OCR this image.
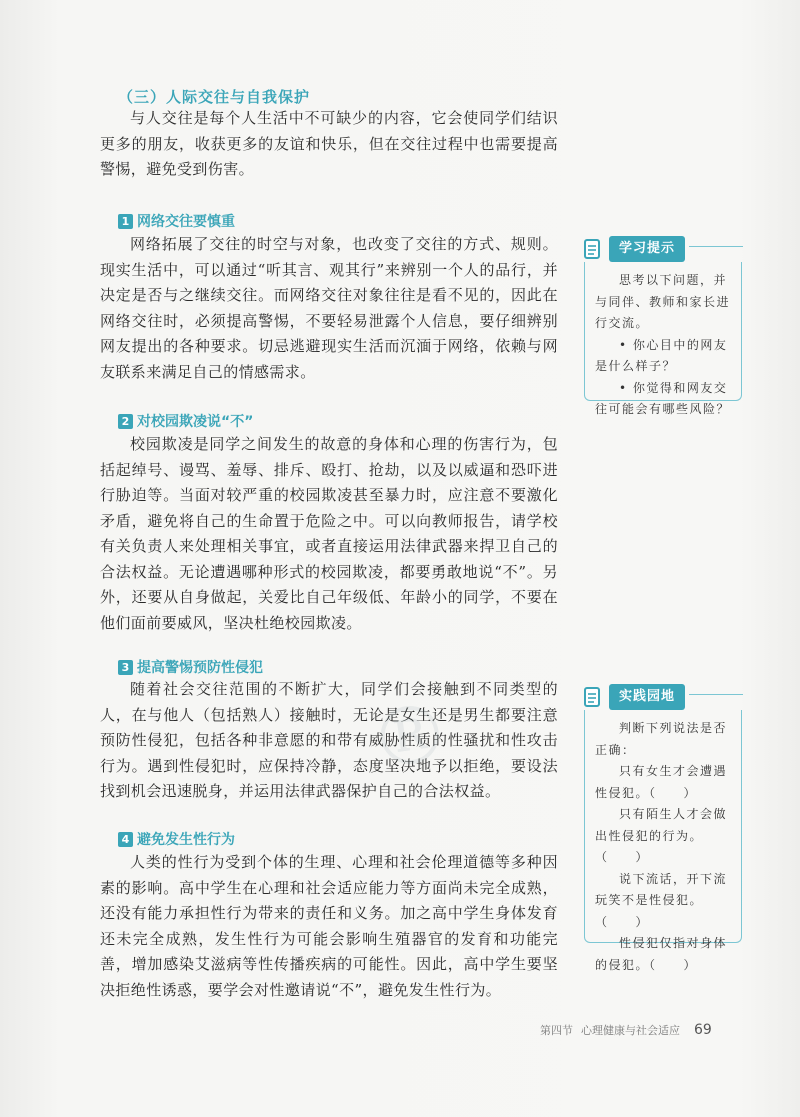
（三）人际交往与自我保护

与人交往是每个人生活中不可缺少的内容，它会使同学们结识更多的朋友，收获更多的友谊和快乐，但在交往过程中也需要提高警惕，避免受到伤害。

1 网络交往要慎重

网络拓展了交往的时空与对象，也改变了交往的方式、规则。现实生活中，可以通过“听其言、观其行”来辨别一个人的品行，并决定是否与之继续交往。而网络交往对象往往是看不见的，因此在网络交往时，必须提高警惕，不要轻易泄露个人信息，要仔细辨别网友提出的各种要求。切忌逃避现实生活而沉湎于网络，依赖与网友联系来满足自己的情感需求。

2 对校园欺凌说“不”

校园欺凌是同学之间发生的故意的身体和心理的伤害行为，包括起绰号、谩骂、羞辱、排斥、殴打、抢劫，以及以威逼和恐吓进行胁迫等。当面对较严重的校园欺凌甚至暴力时，应注意不要激化矛盾，避免将自己的生命置于危险之中。可以向教师报告，请学校有关负责人来处理相关事宜，或者直接运用法律武器来捍卫自己的合法权益。无论遭遇哪种形式的校园欺凌，都要勇敢地说“不”。另外，还要从自身做起，关爱比自己年级低、年龄小的同学，不要在他们面前要威风，坚决杜绝校园欺凌。

3 提高警惕预防性侵犯

随着社会交往范围的不断扩大，同学们会接触到不同类型的人，在与他人（包括熟人）接触时，无论是女生还是男生都要注意预防性侵犯，包括各种非意愿的和带有威胁性质的性骚扰和性攻击行为。遇到性侵犯时，应保持冷静，态度坚决地予以拒绝，要设法找到机会迅速脱身，并运用法律武器保护自己的合法权益。

4 避免发生性行为

人类的性行为受到个体的生理、心理和社会伦理道德等多种因素的影响。高中学生在心理和社会适应能力等方面尚未完全成熟，还没有能力承担性行为带来的责任和义务。加之高中学生身体发育还未完全成熟，发生性行为可能会影响生殖器官的发育和功能完善，增加感染艾滋病等性传播疾病的可能性。因此，高中学生要坚决拒绝性诱惑，要学会对性邀请说“不”，避免发生性行为。

学习提示

思考以下问题，并与同伴、教师和家长进行交流。

• 你心目中的网友是什么样子？

• 你觉得和网友交往可能会有哪些风险？

实践园地

判断下列说法是否正确：

只有女生才会遭遇性侵犯。（　　）

只有陌生人才会做出性侵犯的行为。（　　）

说下流话，开下流玩笑不是性侵犯。（　　）

性侵犯仅指对身体的侵犯。（　　）

®
第四节 心理健康与社会适应 69
